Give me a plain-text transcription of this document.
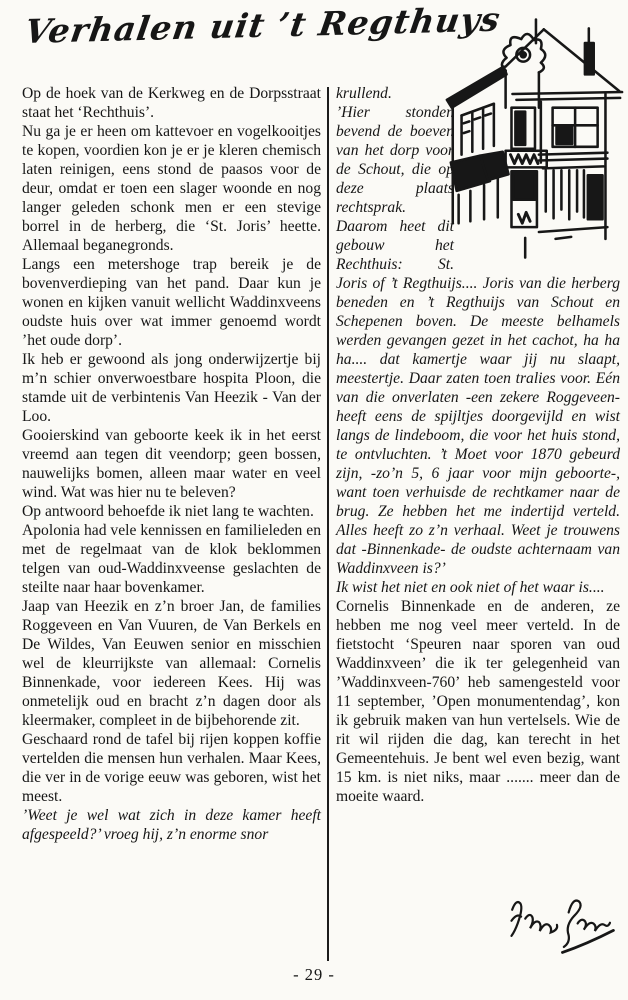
Verhalen uit ’t Regthuys

Op de hoek van de Kerkweg en de Dorpsstraat staat het ‘Rechthuis’.

Nu ga je er heen om kattevoer en vogelkooitjes te kopen, voordien kon je er je kleren chemisch laten reinigen, eens stond de paasos voor de deur, omdat er toen een slager woonde en nog langer geleden schonk men er een stevige borrel in de herberg, die ‘St. Joris’ heette. Allemaal beganegronds.

Langs een metershoge trap bereik je de bovenverdieping van het pand. Daar kun je wonen en kijken vanuit wellicht Waddinxveens oudste huis over wat immer genoemd wordt ’het oude dorp’.

Ik heb er gewoond als jong onderwijzertje bij m’n schier onverwoestbare hospita Ploon, die stamde uit de verbintenis Van Heezik - Van der Loo.

Gooierskind van geboorte keek ik in het eerst vreemd aan tegen dit veendorp; geen bossen, nauwelijks bomen, alleen maar water en veel wind. Wat was hier nu te beleven?

Op antwoord behoefde ik niet lang te wachten.

Apolonia had vele kennissen en familieleden en met de regelmaat van de klok beklommen telgen van oud-Waddinxveense geslachten de steilte naar haar bovenkamer.

Jaap van Heezik en z’n broer Jan, de families Roggeveen en Van Vuuren, de Van Berkels en De Wildes, Van Eeuwen senior en misschien wel de kleurrijkste van allemaal: Cornelis Binnenkade, voor iedereen Kees. Hij was onmetelijk oud en bracht z’n dagen door als kleermaker, compleet in de bijbehorende zit.

Geschaard rond de tafel bij rijen koppen koffie vertelden die mensen hun verhalen. Maar Kees, die ver in de vorige eeuw was geboren, wist het meest.

’Weet je wel wat zich in deze kamer heeft afgespeeld?’ vroeg hij, z’n enorme snor

krullend.

’Hier stonden bevend de boeven van het dorp voor de Schout, die op deze plaats rechtsprak.

Daarom heet dit gebouw het Rechthuis: St. Joris of ’t Regthuijs.... Joris van die herberg beneden en ’t Regthuijs van Schout en Schepenen boven. De meeste belhamels werden gevangen gezet in het cachot, ha ha ha.... dat kamertje waar jij nu slaapt, meestertje. Daar zaten toen tralies voor. Eén van die onverlaten -een zekere Roggeveen- heeft eens de spijltjes doorgevijld en wist langs de lindeboom, die voor het huis stond, te ontvluchten. ’t Moet voor 1870 gebeurd zijn, -zo’n 5, 6 jaar voor mijn geboorte-, want toen verhuisde de rechtkamer naar de brug. Ze hebben het me indertijd verteld. Alles heeft zo z’n verhaal. Weet je trouwens dat -Binnenkade- de oudste achternaam van Waddinxveen is?’

Ik wist het niet en ook niet of het waar is....

Cornelis Binnenkade en de anderen, ze hebben me nog veel meer verteld. In de fietstocht ‘Speuren naar sporen van oud Waddinxveen’ die ik ter gelegenheid van ’Waddinxveen-760’ heb samengesteld voor 11 september, ’Open monumentendag’, kon ik gebruik maken van hun vertelsels. Wie de rit wil rijden die dag, kan terecht in het Gemeentehuis. Je bent wel even bezig, want 15 km. is niet niks, maar ....... meer dan de moeite waard.

- 29 -
